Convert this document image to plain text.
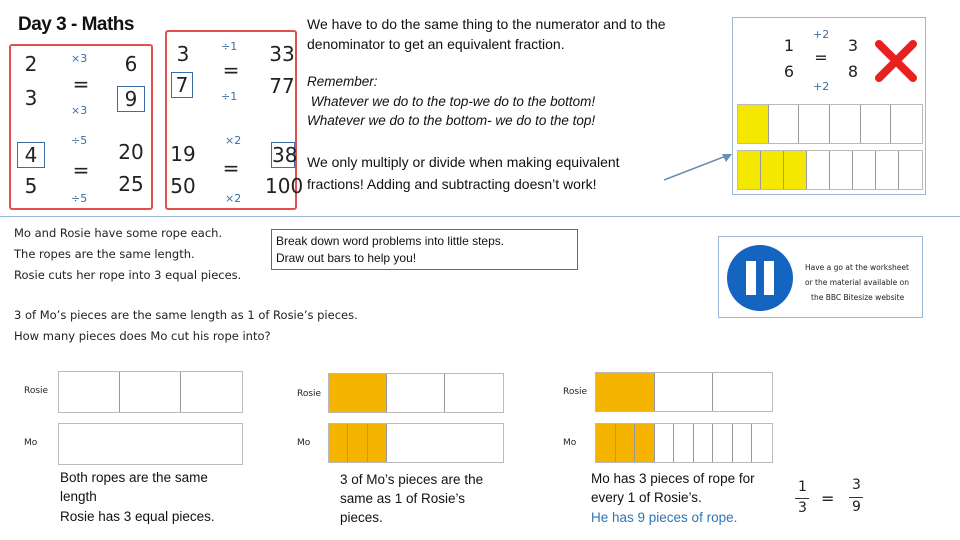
Day 3 - Maths
×3
2
=
3
6
9
×3
÷5
4
=
5
20
25
÷5
÷1
3
=
7
33
77
÷1
×2
19
=
50
38
100
×2
We have to do the same thing to the numerator and to the
denominator to get an equivalent fraction.
Remember:
Whatever we do to the top-we do to the bottom!
Whatever we do to the bottom- we do to the top!
We only multiply or divide when making equivalent
fractions! Adding and subtracting doesn’t work!
+2
1
=
6
3
8
+2
Mo and Rosie have some rope each.
The ropes are the same length.
Rosie cuts her rope into 3 equal pieces.
3 of Mo’s pieces are the same length as 1 of Rosie’s pieces.
How many pieces does Mo cut his rope into?
Break down word problems into little steps.
Draw out bars to help you!
Have a go at the worksheet
or the material available on
the BBC Bitesize website
Rosie
Mo
Rosie
Mo
Rosie
Mo
Both ropes are the same
length
Rosie has 3 equal pieces.
3 of Mo’s pieces are the
same as 1 of Rosie’s
pieces.
Mo has 3 pieces of rope for
every 1 of Rosie’s.
He has 9 pieces of rope.
1
3 =
3
9
